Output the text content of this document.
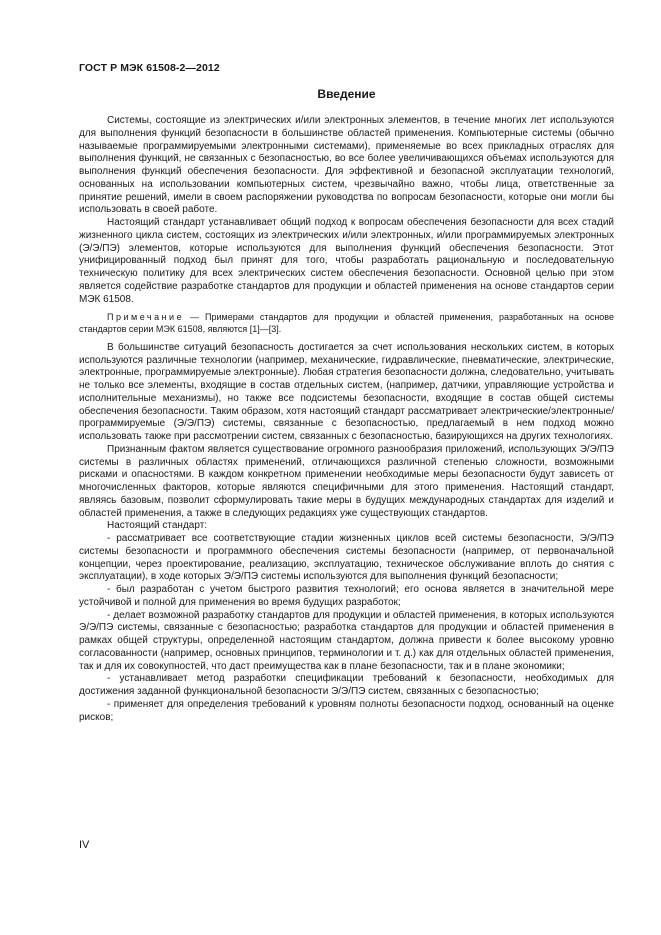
ГОСТ Р МЭК 61508-2—2012
Введение

Системы, состоящие из электрических и/или электронных элементов, в течение многих лет используются для выполнения функций безопасности в большинстве областей применения. Компьютерные системы (обычно называемые программируемыми электронными системами), применяемые во всех прикладных отраслях для выполнения функций, не связанных с безопасностью, во все более увеличивающихся объемах используются для выполнения функций обеспечения безопасности. Для эффективной и безопасной эксплуатации технологий, основанных на использовании компьютерных систем, чрезвычайно важно, чтобы лица, ответственные за принятие решений, имели в своем распоряжении руководства по вопросам безопасности, которые они могли бы использовать в своей работе.

Настоящий стандарт устанавливает общий подход к вопросам обеспечения безопасности для всех стадий жизненного цикла систем, состоящих из электрических и/или электронных, и/или программируемых электронных (Э/Э/ПЭ) элементов, которые используются для выполнения функций обеспечения безопасности. Этот унифицированный подход был принят для того, чтобы разработать рациональную и последовательную техническую политику для всех электрических систем обеспечения безопасности. Основной целью при этом является содействие разработке стандартов для продукции и областей применения на основе стандартов серии МЭК 61508.

Примечание — Примерами стандартов для продукции и областей применения, разработанных на основе стандартов серии МЭК 61508, являются [1]—[3].

В большинстве ситуаций безопасность достигается за счет использования нескольких систем, в которых используются различные технологии (например, механические, гидравлические, пневматические, электрические, электронные, программируемые электронные). Любая стратегия безопасности должна, следовательно, учитывать не только все элементы, входящие в состав отдельных систем, (например, датчики, управляющие устройства и исполнительные механизмы), но также все подсистемы безопасности, входящие в состав общей системы обеспечения безопасности. Таким образом, хотя настоящий стандарт рассматривает электрические/электронные/программируемые (Э/Э/ПЭ) системы, связанные с безопасностью, предлагаемый в нем подход можно использовать также при рассмотрении систем, связанных с безопасностью, базирующихся на других технологиях.

Признанным фактом является существование огромного разнообразия приложений, использующих Э/Э/ПЭ системы в различных областях применений, отличающихся различной степенью сложности, возможными рисками и опасностями. В каждом конкретном применении необходимые меры безопасности будут зависеть от многочисленных факторов, которые являются специфичными для этого применения. Настоящий стандарт, являясь базовым, позволит сформулировать такие меры в будущих международных стандартах для изделий и областей применения, а также в следующих редакциях уже существующих стандартов.

Настоящий стандарт:

- рассматривает все соответствующие стадии жизненных циклов всей системы безопасности, Э/Э/ПЭ системы безопасности и программного обеспечения системы безопасности (например, от первоначальной концепции, через проектирование, реализацию, эксплуатацию, техническое обслуживание вплоть до снятия с эксплуатации), в ходе которых Э/Э/ПЭ системы используются для выполнения функций безопасности;

- был разработан с учетом быстрого развития технологий; его основа является в значительной мере устойчивой и полной для применения во время будущих разработок;

- делает возможной разработку стандартов для продукции и областей применения, в которых используются Э/Э/ПЭ системы, связанные с безопасностью; разработка стандартов для продукции и областей применения в рамках общей структуры, определенной настоящим стандартом, должна привести к более высокому уровню согласованности (например, основных принципов, терминологии и т. д.) как для отдельных областей применения, так и для их совокупностей, что даст преимущества как в плане безопасности, так и в плане экономики;

- устанавливает метод разработки спецификации требований к безопасности, необходимых для достижения заданной функциональной безопасности Э/Э/ПЭ систем, связанных с безопасностью;

- применяет для определения требований к уровням полноты безопасности подход, основанный на оценке рисков;

IV
